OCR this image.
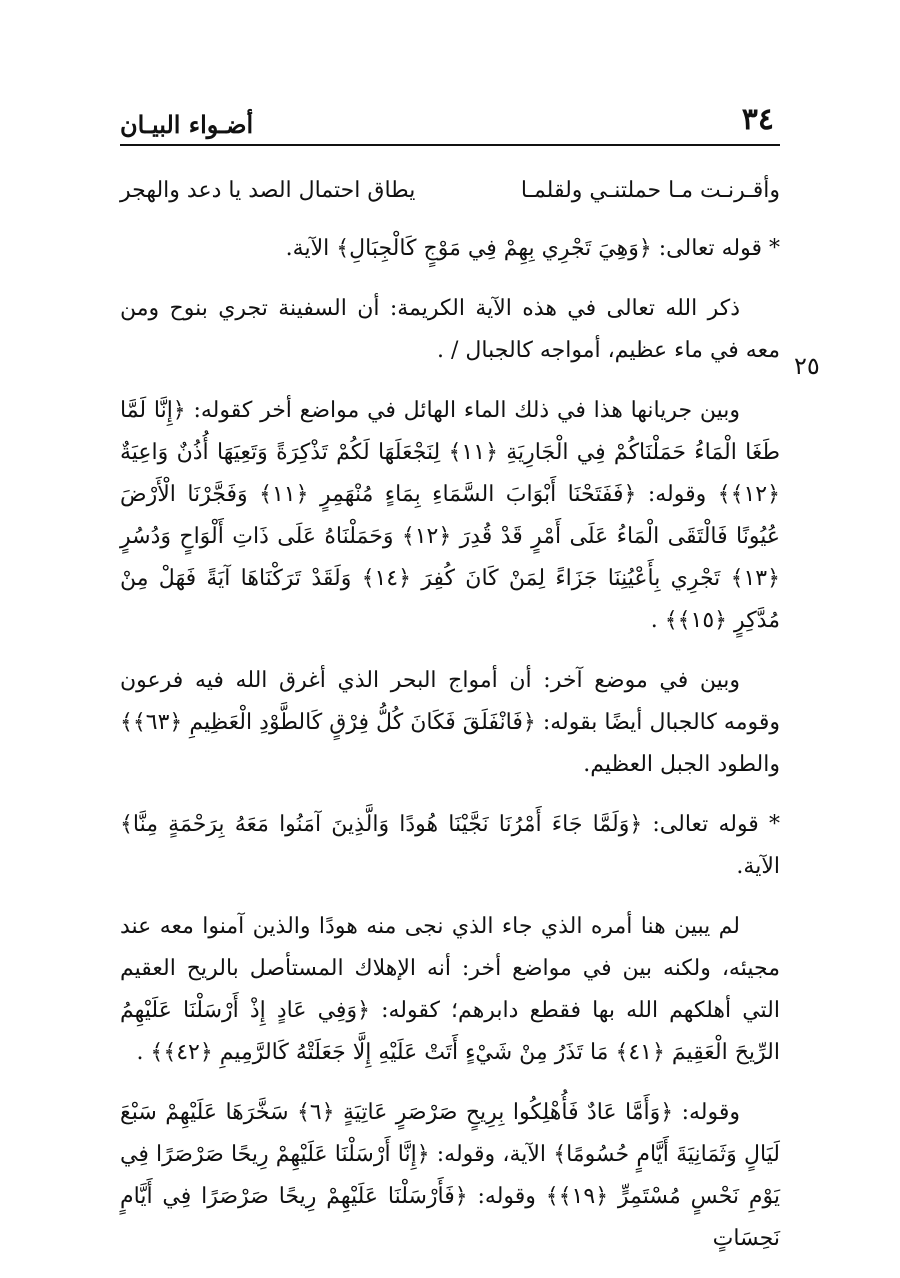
٣٤
أضـواء البيـان
٢٥
وأقـرنـت مـا حملتنـي ولقلمـا
يطاق احتمال الصد يا دعد والهجر

* قوله تعالى: ﴿وَهِيَ تَجْرِي بِهِمْ فِي مَوْجٍ كَالْجِبَالِ﴾ الآية.

ذكر الله تعالى في هذه الآية الكريمة: أن السفينة تجري بنوح ومن معه في ماء عظيم، أمواجه كالجبال / .

وبين جريانها هذا في ذلك الماء الهائل في مواضع أخر كقوله: ﴿إِنَّا لَمَّا طَغَا الْمَاءُ حَمَلْنَاكُمْ فِي الْجَارِيَةِ ﴿١١﴾ لِنَجْعَلَهَا لَكُمْ تَذْكِرَةً وَتَعِيَهَا أُذُنٌ وَاعِيَةٌ ﴿١٢﴾﴾ وقوله: ﴿فَفَتَحْنَا أَبْوَابَ السَّمَاءِ بِمَاءٍ مُنْهَمِرٍ ﴿١١﴾ وَفَجَّرْنَا الْأَرْضَ عُيُونًا فَالْتَقَى الْمَاءُ عَلَى أَمْرٍ قَدْ قُدِرَ ﴿١٢﴾ وَحَمَلْنَاهُ عَلَى ذَاتِ أَلْوَاحٍ وَدُسُرٍ ﴿١٣﴾ تَجْرِي بِأَعْيُنِنَا جَزَاءً لِمَنْ كَانَ كُفِرَ ﴿١٤﴾ وَلَقَدْ تَرَكْنَاهَا آيَةً فَهَلْ مِنْ مُدَّكِرٍ ﴿١٥﴾﴾ .

وبين في موضع آخر: أن أمواج البحر الذي أغرق الله فيه فرعون وقومه كالجبال أيضًا بقوله: ﴿فَانْفَلَقَ فَكَانَ كُلُّ فِرْقٍ كَالطَّوْدِ الْعَظِيمِ ﴿٦٣﴾﴾ والطود الجبل العظيم.

* قوله تعالى: ﴿وَلَمَّا جَاءَ أَمْرُنَا نَجَّيْنَا هُودًا وَالَّذِينَ آمَنُوا مَعَهُ بِرَحْمَةٍ مِنَّا﴾ الآية.

لم يبين هنا أمره الذي جاء الذي نجى منه هودًا والذين آمنوا معه عند مجيئه، ولكنه بين في مواضع أخر: أنه الإهلاك المستأصل بالريح العقيم التي أهلكهم الله بها فقطع دابرهم؛ كقوله: ﴿وَفِي عَادٍ إِذْ أَرْسَلْنَا عَلَيْهِمُ الرِّيحَ الْعَقِيمَ ﴿٤١﴾ مَا تَذَرُ مِنْ شَيْءٍ أَتَتْ عَلَيْهِ إِلَّا جَعَلَتْهُ كَالرَّمِيمِ ﴿٤٢﴾﴾ .

وقوله: ﴿وَأَمَّا عَادٌ فَأُهْلِكُوا بِرِيحٍ صَرْصَرٍ عَاتِيَةٍ ﴿٦﴾ سَخَّرَهَا عَلَيْهِمْ سَبْعَ لَيَالٍ وَثَمَانِيَةَ أَيَّامٍ حُسُومًا﴾ الآية، وقوله: ﴿إِنَّا أَرْسَلْنَا عَلَيْهِمْ رِيحًا صَرْصَرًا فِي يَوْمِ نَحْسٍ مُسْتَمِرٍّ ﴿١٩﴾﴾ وقوله: ﴿فَأَرْسَلْنَا عَلَيْهِمْ رِيحًا صَرْصَرًا فِي أَيَّامٍ نَحِسَاتٍ
